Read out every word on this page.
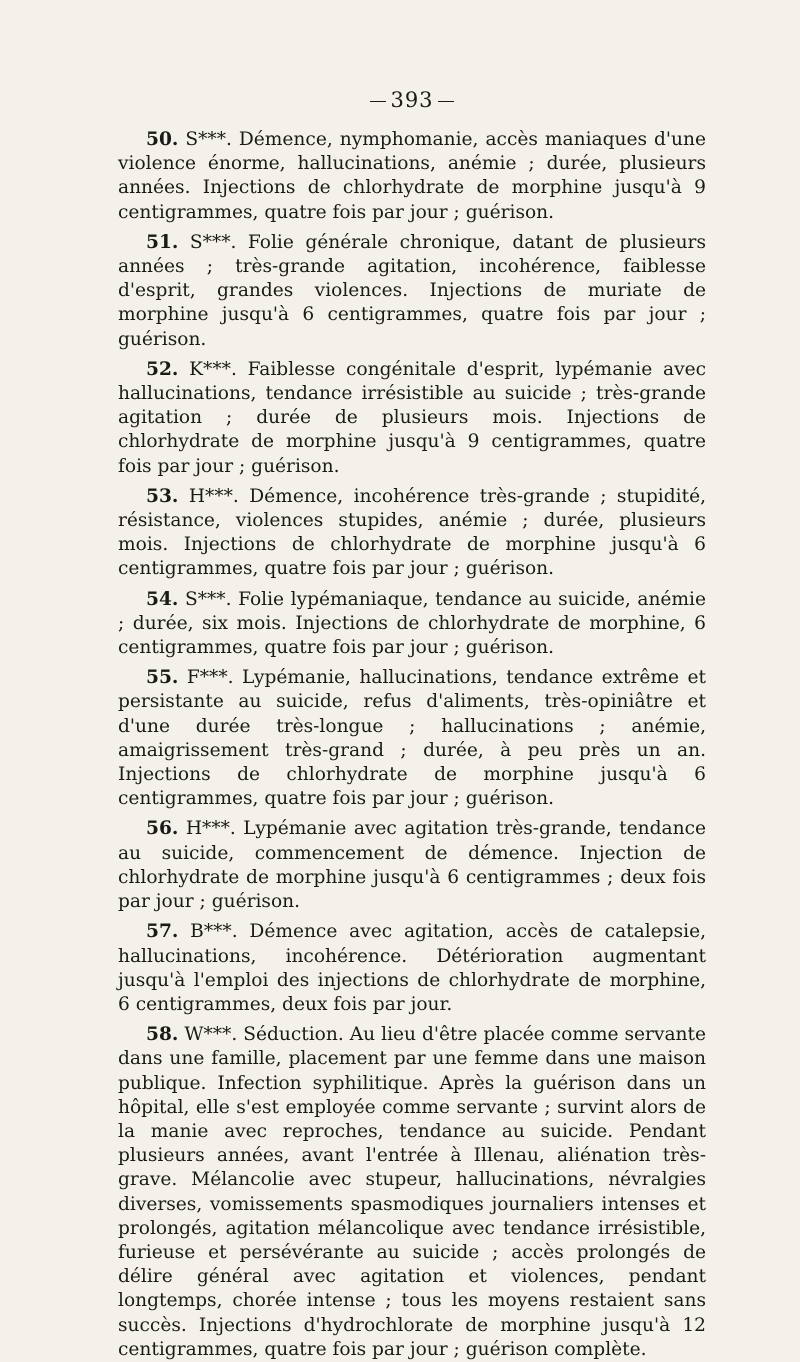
393

50. S***. Démence, nymphomanie, accès maniaques d'une violence énorme, hallucinations, anémie ; durée, plusieurs années. Injections de chlorhydrate de morphine jusqu'à 9 centigrammes, quatre fois par jour ; guérison.

51. S***. Folie générale chronique, datant de plusieurs années ; très-grande agitation, incohérence, faiblesse d'esprit, grandes violences. Injections de muriate de morphine jusqu'à 6 centigrammes, quatre fois par jour ; guérison.

52. K***. Faiblesse congénitale d'esprit, lypémanie avec hallucinations, tendance irrésistible au suicide ; très-grande agitation ; durée de plusieurs mois. Injections de chlorhydrate de morphine jusqu'à 9 centigrammes, quatre fois par jour ; guérison.

53. H***. Démence, incohérence très-grande ; stupidité, résistance, violences stupides, anémie ; durée, plusieurs mois. Injections de chlorhydrate de morphine jusqu'à 6 centigrammes, quatre fois par jour ; guérison.

54. S***. Folie lypémaniaque, tendance au suicide, anémie ; durée, six mois. Injections de chlorhydrate de morphine, 6 centigrammes, quatre fois par jour ; guérison.

55. F***. Lypémanie, hallucinations, tendance extrême et persistante au suicide, refus d'aliments, très-opiniâtre et d'une durée très-longue ; hallucinations ; anémie, amaigrissement très-grand ; durée, à peu près un an. Injections de chlorhydrate de morphine jusqu'à 6 centigrammes, quatre fois par jour ; guérison.

56. H***. Lypémanie avec agitation très-grande, tendance au suicide, commencement de démence. Injection de chlorhydrate de morphine jusqu'à 6 centigrammes ; deux fois par jour ; guérison.

57. B***. Démence avec agitation, accès de catalepsie, hallucinations, incohérence. Détérioration augmentant jusqu'à l'emploi des injections de chlorhydrate de morphine, 6 centigrammes, deux fois par jour.

58. W***. Séduction. Au lieu d'être placée comme servante dans une famille, placement par une femme dans une maison publique. Infection syphilitique. Après la guérison dans un hôpital, elle s'est employée comme servante ; survint alors de la manie avec reproches, tendance au suicide. Pendant plusieurs années, avant l'entrée à Illenau, aliénation très-grave. Mélancolie avec stupeur, hallucinations, névralgies diverses, vomissements spasmodiques journaliers intenses et prolongés, agitation mélancolique avec tendance irrésistible, furieuse et persévérante au suicide ; accès prolongés de délire général avec agitation et violences, pendant longtemps, chorée intense ; tous les moyens restaient sans succès. Injections d'hydrochlorate de morphine jusqu'à 12 centigrammes, quatre fois par jour ; guérison complète.
